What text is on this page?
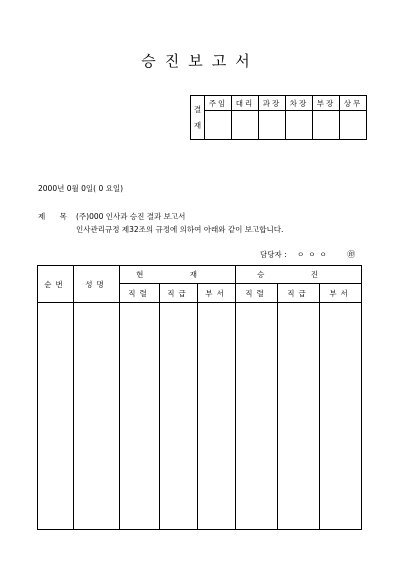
승진보고서
결
재	주임	대리	과장	차장	부장	상무

2000년 0월 0일( 0 요일)
제 목 (주)000 인사과 승진 결과 보고서
인사관리규정 제32조의 규정에 의하여 아래와 같이 보고합니다.
담당자 : ㅇㅇㅇ ㊞
순번	성명	현 재			승 진		
		직렬	직급	부서	직렬	직급	부서
